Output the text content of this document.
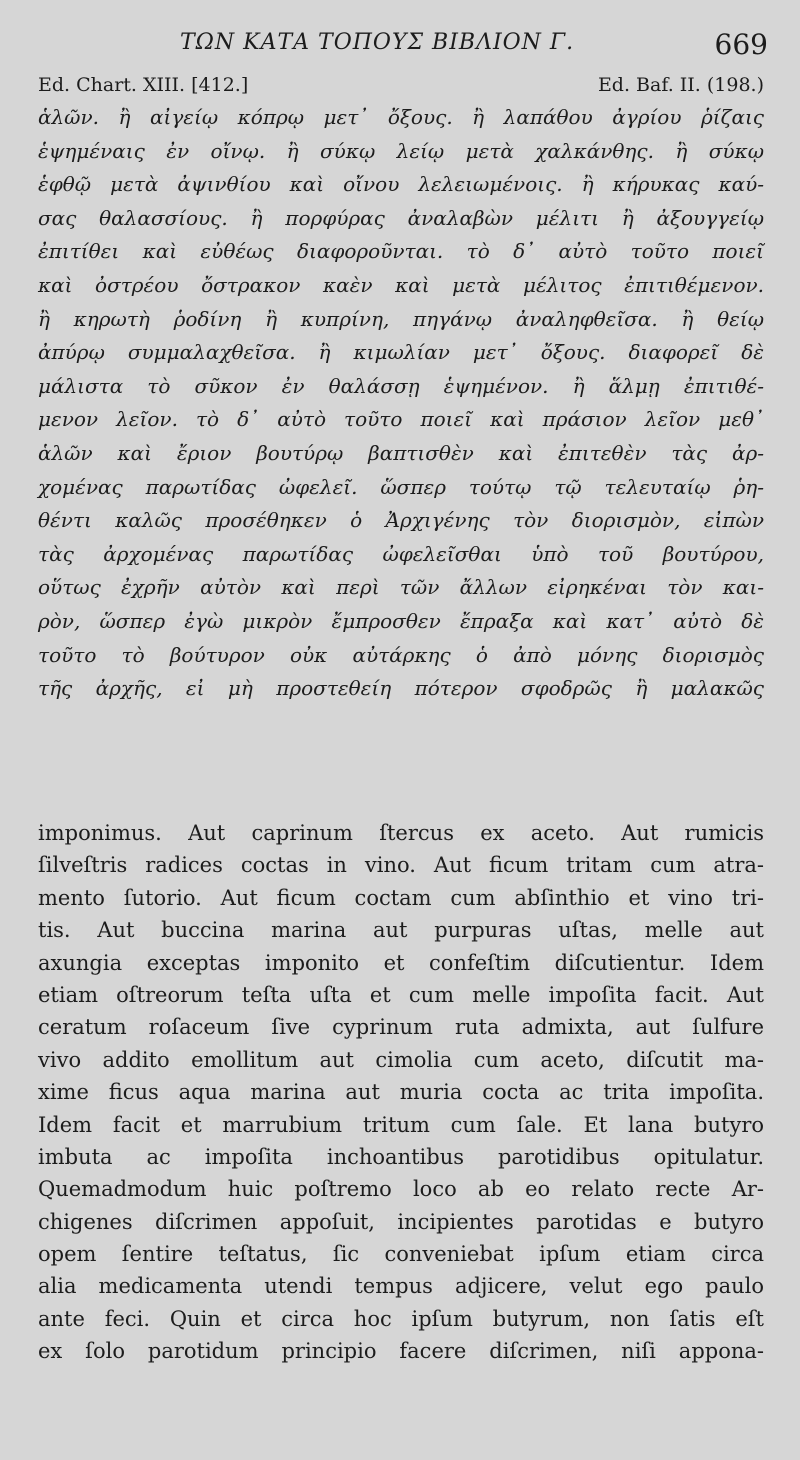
ΤΩΝ ΚΑΤΑ ΤΟΠΟΥΣ ΒΙΒΛΙΟΝ Γ.	669
Ed. Chart. XIII. [412.]	Ed. Baf. II. (198.)
ἁλῶν. ἢ αἰγείῳ κόπρῳ μετ᾿ ὄξους. ἢ λαπάθου ἀγρίου ῥίζαις
ἑψημέναις ἐν οἴνῳ. ἢ σύκῳ λείῳ μετὰ χαλκάνθης. ἢ σύκῳ
ἑφθῷ μετὰ ἀψινθίου καὶ οἴνου λελειωμένοις. ἢ κήρυκας καύ-
σας θαλασσίους. ἢ πορφύρας ἀναλαβὼν μέλιτι ἢ ἀξουγγείῳ
ἐπιτίθει καὶ εὐθέως διαφοροῦνται. τὸ δ᾿ αὐτὸ τοῦτο ποιεῖ
καὶ ὀστρέου ὄστρακον καὲν καὶ μετὰ μέλιτος ἐπιτιθέμενον.
ἢ κηρωτὴ ῥοδίνη ἢ κυπρίνη, πηγάνῳ ἀναληφθεῖσα. ἢ θείῳ
ἀπύρῳ συμμαλαχθεῖσα. ἢ κιμωλίαν μετ᾿ ὄξους. διαφορεῖ δὲ
μάλιστα τὸ σῦκον ἐν θαλάσσῃ ἑψημένον. ἢ ἅλμῃ ἐπιτιθέ-
μενον λεῖον. τὸ δ᾿ αὐτὸ τοῦτο ποιεῖ καὶ πράσιον λεῖον μεθ᾿
ἁλῶν καὶ ἔριον βουτύρῳ βαπτισθὲν καὶ ἐπιτεθὲν τὰς ἀρ-
χομένας παρωτίδας ὠφελεῖ. ὥσπερ τούτῳ τῷ τελευταίῳ ῥη-
θέντι καλῶς προσέθηκεν ὁ Ἀρχιγένης τὸν διορισμὸν, εἰπὼν
τὰς ἀρχομένας παρωτίδας ὠφελεῖσθαι ὑπὸ τοῦ βουτύρου,
οὕτως ἐχρῆν αὐτὸν καὶ περὶ τῶν ἄλλων εἰρηκέναι τὸν και-
ρὸν, ὥσπερ ἐγὼ μικρὸν ἔμπροσθεν ἔπραξα καὶ κατ᾿ αὐτὸ δὲ
τοῦτο τὸ βούτυρον οὐκ αὐτάρκης ὁ ἀπὸ μόνης διορισμὸς
τῆς ἀρχῆς, εἰ μὴ προστεθείη πότερον σφοδρῶς ἢ μαλακῶς
imponimus. Aut caprinum ſtercus ex aceto. Aut rumicis
ſilveſtris radices coctas in vino. Aut ficum tritam cum atra-
mento ſutorio. Aut ficum coctam cum abſinthio et vino tri-
tis. Aut buccina marina aut purpuras uſtas, melle aut
axungia exceptas imponito et confeſtim diſcutientur. Idem
etiam oſtreorum teſta uſta et cum melle impoſita facit. Aut
ceratum roſaceum ſive cyprinum ruta admixta, aut ſulfure
vivo addito emollitum aut cimolia cum aceto, diſcutit ma-
xime ficus aqua marina aut muria cocta ac trita impoſita.
Idem facit et marrubium tritum cum ſale. Et lana butyro
imbuta ac impoſita inchoantibus parotidibus opitulatur.
Quemadmodum huic poſtremo loco ab eo relato recte Ar-
chigenes diſcrimen appoſuit, incipientes parotidas e butyro
opem ſentire teſtatus, ſic conveniebat ipſum etiam circa
alia medicamenta utendi tempus adjicere, velut ego paulo
ante feci. Quin et circa hoc ipſum butyrum, non ſatis eſt
ex ſolo parotidum principio facere diſcrimen, niſi appona-
